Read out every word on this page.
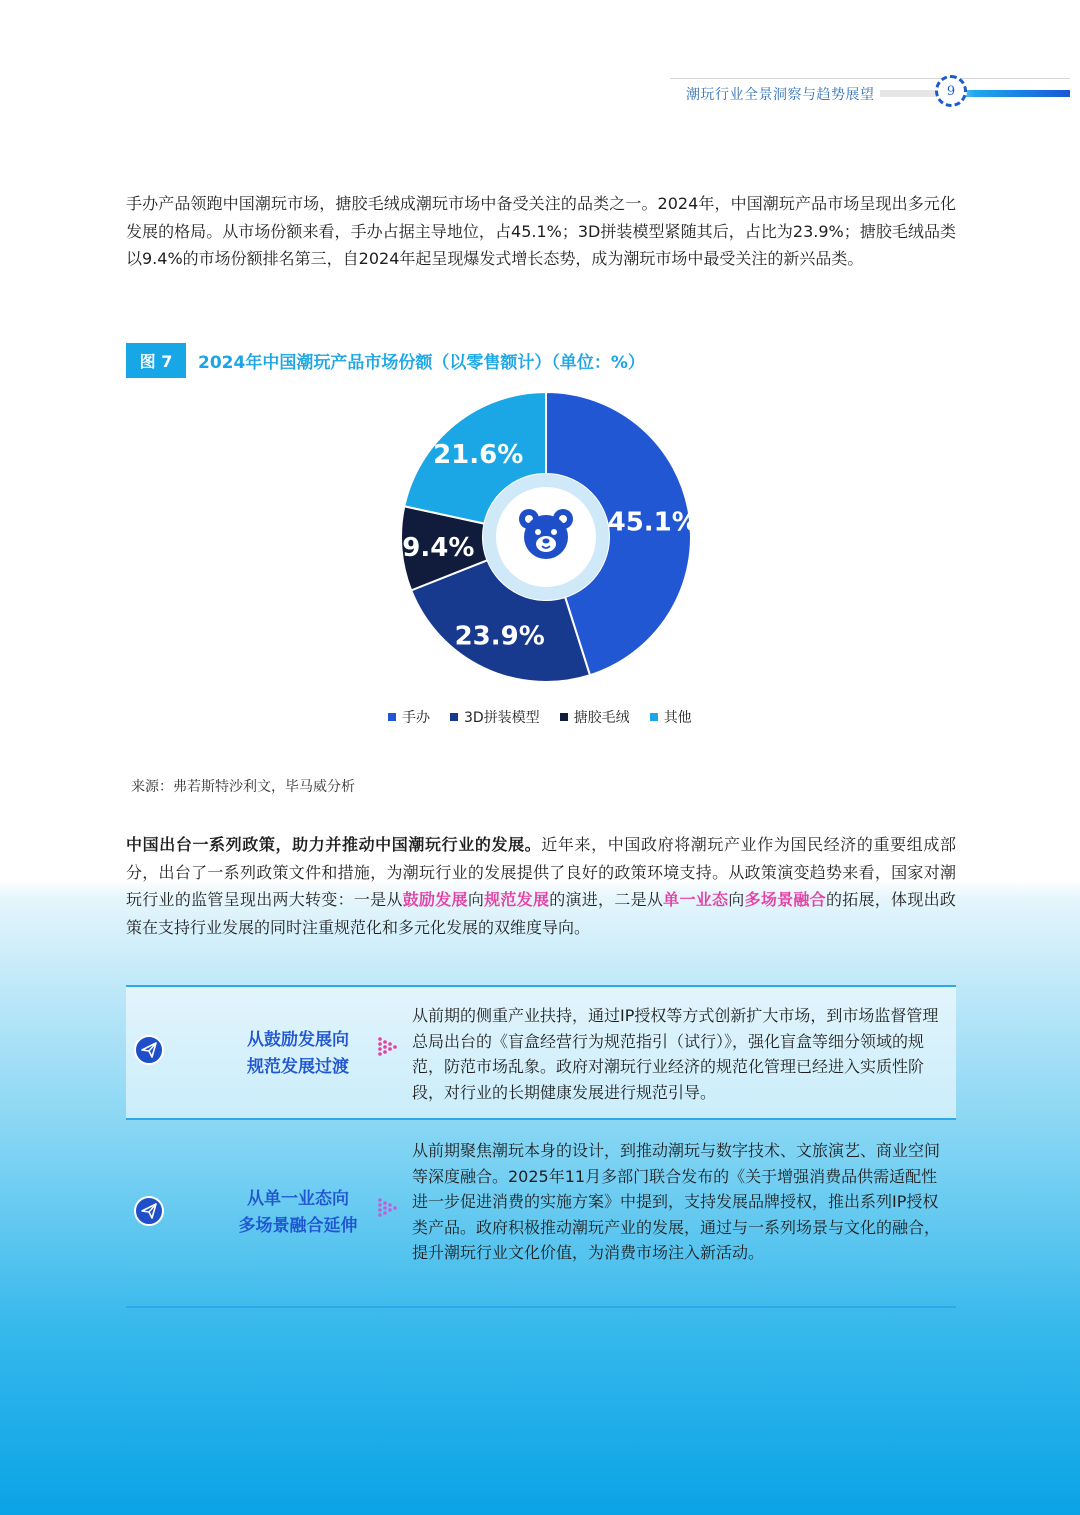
潮玩行业全景洞察与趋势展望	9

手办产品领跑中国潮玩市场，搪胶毛绒成潮玩市场中备受关注的品类之一。2024年，中国潮玩产品市场呈现出多元化发展的格局。从市场份额来看，手办占据主导地位，占45.1%；3D拼装模型紧随其后，占比为23.9%；搪胶毛绒品类以9.4%的市场份额排名第三，自2024年起呈现爆发式增长态势，成为潮玩市场中最受关注的新兴品类。

图 7	2024年中国潮玩产品市场份额（以零售额计）（单位：%）
45.1%
23.9%
9.4%
21.6%
手办 3D拼装模型 搪胶毛绒 其他
来源：弗若斯特沙利文，毕马威分析

中国出台一系列政策，助力并推动中国潮玩行业的发展。近年来，中国政府将潮玩产业作为国民经济的重要组成部分，出台了一系列政策文件和措施，为潮玩行业的发展提供了良好的政策环境支持。从政策演变趋势来看，国家对潮玩行业的监管呈现出两大转变：一是从鼓励发展向规范发展的演进，二是从单一业态向多场景融合的拓展，体现出政策在支持行业发展的同时注重规范化和多元化发展的双维度导向。

从鼓励发展向
规范发展过渡
从前期的侧重产业扶持，通过IP授权等方式创新扩大市场，到市场监督管理总局出台的《盲盒经营行为规范指引（试行）》，强化盲盒等细分领域的规范，防范市场乱象。政府对潮玩行业经济的规范化管理已经进入实质性阶段，对行业的长期健康发展进行规范引导。
从单一业态向
多场景融合延伸
从前期聚焦潮玩本身的设计，到推动潮玩与数字技术、文旅演艺、商业空间等深度融合。2025年11月多部门联合发布的《关于增强消费品供需适配性进一步促进消费的实施方案》中提到，支持发展品牌授权，推出系列IP授权类产品。政府积极推动潮玩产业的发展，通过与一系列场景与文化的融合，提升潮玩行业文化价值，为消费市场注入新活动。
